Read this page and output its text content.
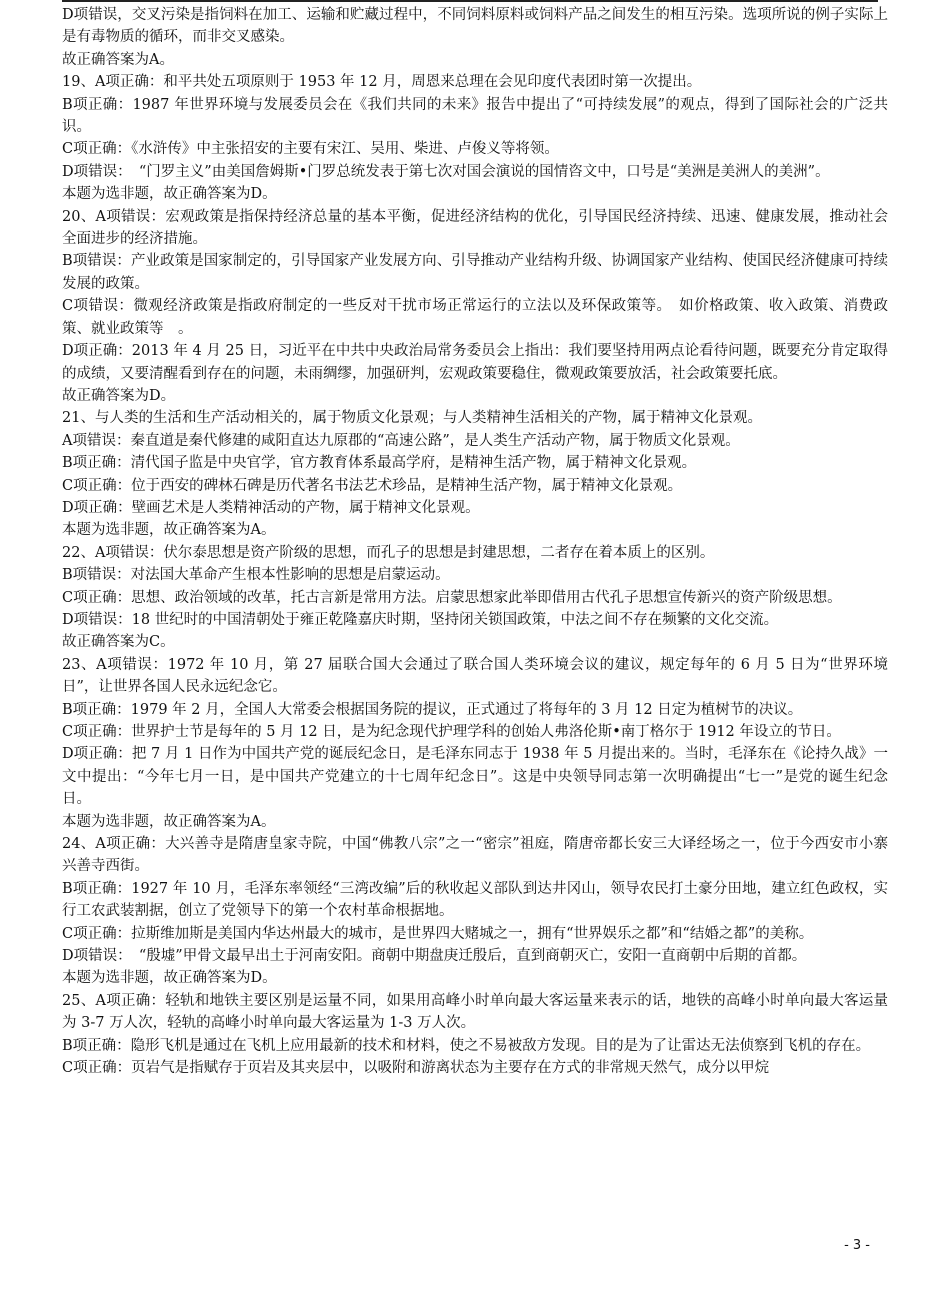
D项错误，交叉污染是指饲料在加工、运输和贮藏过程中，不同饲料原料或饲料产品之间发生的相互污染。选项所说的例子实际上是有毒物质的循环，而非交叉感染。

故正确答案为A。

19、A项正确：和平共处五项原则于 1953 年 12 月，周恩来总理在会见印度代表团时第一次提出。

B项正确：1987 年世界环境与发展委员会在《我们共同的未来》报告中提出了“可持续发展”的观点，得到了国际社会的广泛共识。

C项正确：《水浒传》中主张招安的主要有宋江、吴用、柴进、卢俊义等将领。

D项错误：　“门罗主义”由美国詹姆斯•门罗总统发表于第七次对国会演说的国情咨文中，口号是“美洲是美洲人的美洲”。

本题为选非题，故正确答案为D。

20、A项错误：宏观政策是指保持经济总量的基本平衡，促进经济结构的优化，引导国民经济持续、迅速、健康发展，推动社会全面进步的经济措施。

B项错误：产业政策是国家制定的，引导国家产业发展方向、引导推动产业结构升级、协调国家产业结构、使国民经济健康可持续发展的政策。

C项错误：微观经济政策是指政府制定的一些反对干扰市场正常运行的立法以及环保政策等。　如价格政策、收入政策、消费政策、就业政策等　。

D项正确：2013 年 4 月 25 日，习近平在中共中央政治局常务委员会上指出：我们要坚持用两点论看待问题，既要充分肯定取得的成绩，又要清醒看到存在的问题，未雨绸缪，加强研判，宏观政策要稳住，微观政策要放活，社会政策要托底。

故正确答案为D。

21、与人类的生活和生产活动相关的，属于物质文化景观；与人类精神生活相关的产物，属于精神文化景观。

A项错误：秦直道是秦代修建的咸阳直达九原郡的“高速公路”，是人类生产活动产物，属于物质文化景观。

B项正确：清代国子监是中央官学，官方教育体系最高学府，是精神生活产物，属于精神文化景观。

C项正确：位于西安的碑林石碑是历代著名书法艺术珍品，是精神生活产物，属于精神文化景观。

D项正确：壁画艺术是人类精神活动的产物，属于精神文化景观。

本题为选非题，故正确答案为A。

22、A项错误：伏尔泰思想是资产阶级的思想，而孔子的思想是封建思想，二者存在着本质上的区别。

B项错误：对法国大革命产生根本性影响的思想是启蒙运动。

C项正确：思想、政治领域的改革，托古言新是常用方法。启蒙思想家此举即借用古代孔子思想宣传新兴的资产阶级思想。

D项错误：18 世纪时的中国清朝处于雍正乾隆嘉庆时期，坚持闭关锁国政策，中法之间不存在频繁的文化交流。

故正确答案为C。

23、A项错误：1972 年 10 月，第 27 届联合国大会通过了联合国人类环境会议的建议，规定每年的 6 月 5 日为“世界环境日”，让世界各国人民永远纪念它。

B项正确：1979 年 2 月，全国人大常委会根据国务院的提议，正式通过了将每年的 3 月 12 日定为植树节的决议。

C项正确：世界护士节是每年的 5 月 12 日，是为纪念现代护理学科的创始人弗洛伦斯•南丁格尔于 1912 年设立的节日。

D项正确：把 7 月 1 日作为中国共产党的诞辰纪念日，是毛泽东同志于 1938 年 5 月提出来的。当时，毛泽东在《论持久战》一文中提出：“今年七月一日，是中国共产党建立的十七周年纪念日”。这是中央领导同志第一次明确提出“七一”是党的诞生纪念日。

本题为选非题，故正确答案为A。

24、A项正确：大兴善寺是隋唐皇家寺院，中国“佛教八宗”之一“密宗”祖庭，隋唐帝都长安三大译经场之一，位于今西安市小寨兴善寺西街。

B项正确：1927 年 10 月，毛泽东率领经“三湾改编”后的秋收起义部队到达井冈山，领导农民打土豪分田地，建立红色政权，实行工农武装割据，创立了党领导下的第一个农村革命根据地。

C项正确：拉斯维加斯是美国内华达州最大的城市，是世界四大赌城之一，拥有“世界娱乐之都”和“结婚之都”的美称。

D项错误：　“殷墟”甲骨文最早出土于河南安阳。商朝中期盘庚迁殷后，直到商朝灭亡，安阳一直商朝中后期的首都。

本题为选非题，故正确答案为D。

25、A项正确：轻轨和地铁主要区别是运量不同，如果用高峰小时单向最大客运量来表示的话，地铁的高峰小时单向最大客运量为 3-7 万人次，轻轨的高峰小时单向最大客运量为 1-3 万人次。

B项正确：隐形飞机是通过在飞机上应用最新的技术和材料，使之不易被敌方发现。目的是为了让雷达无法侦察到飞机的存在。

C项正确：页岩气是指赋存于页岩及其夹层中，以吸附和游离状态为主要存在方式的非常规天然气，成分以甲烷

- 3 -
